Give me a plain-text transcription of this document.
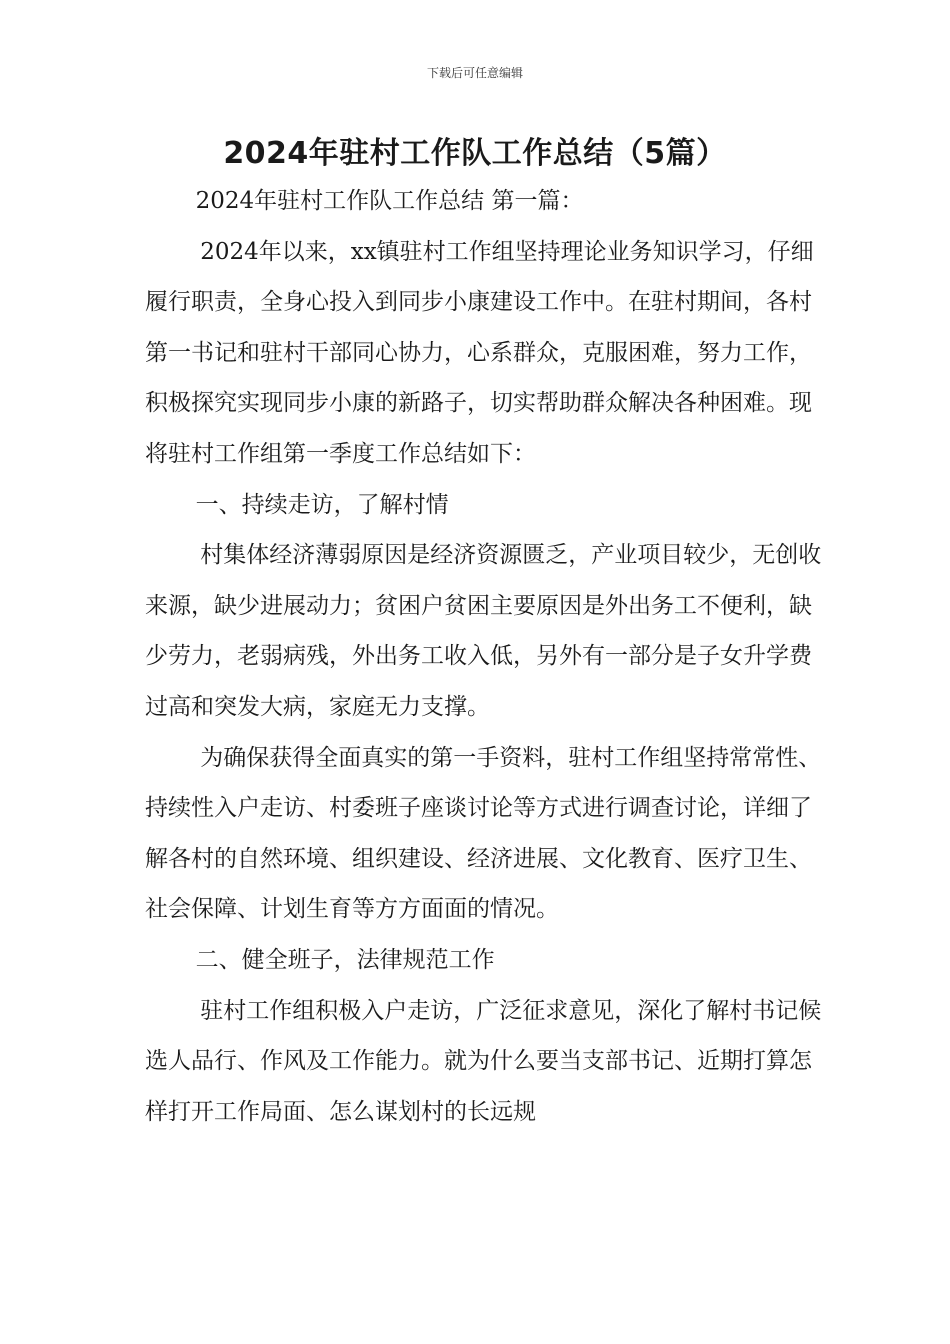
下载后可任意编辑
2024年驻村工作队工作总结（5篇）

2024年驻村工作队工作总结 第一篇：

2024年以来，xx镇驻村工作组坚持理论业务知识学习，仔细履行职责，全身心投入到同步小康建设工作中。在驻村期间，各村第一书记和驻村干部同心协力，心系群众，克服困难，努力工作，积极探究实现同步小康的新路子，切实帮助群众解决各种困难。现将驻村工作组第一季度工作总结如下：

一、持续走访，了解村情

村集体经济薄弱原因是经济资源匮乏，产业项目较少，无创收来源，缺少进展动力；贫困户贫困主要原因是外出务工不便利，缺少劳力，老弱病残，外出务工收入低，另外有一部分是子女升学费过高和突发大病，家庭无力支撑。

为确保获得全面真实的第一手资料，驻村工作组坚持常常性、持续性入户走访、村委班子座谈讨论等方式进行调查讨论，详细了解各村的自然环境、组织建设、经济进展、文化教育、医疗卫生、社会保障、计划生育等方方面面的情况。

二、健全班子，法律规范工作

驻村工作组积极入户走访，广泛征求意见，深化了解村书记候选人品行、作风及工作能力。就为什么要当支部书记、近期打算怎样打开工作局面、怎么谋划村的长远规
